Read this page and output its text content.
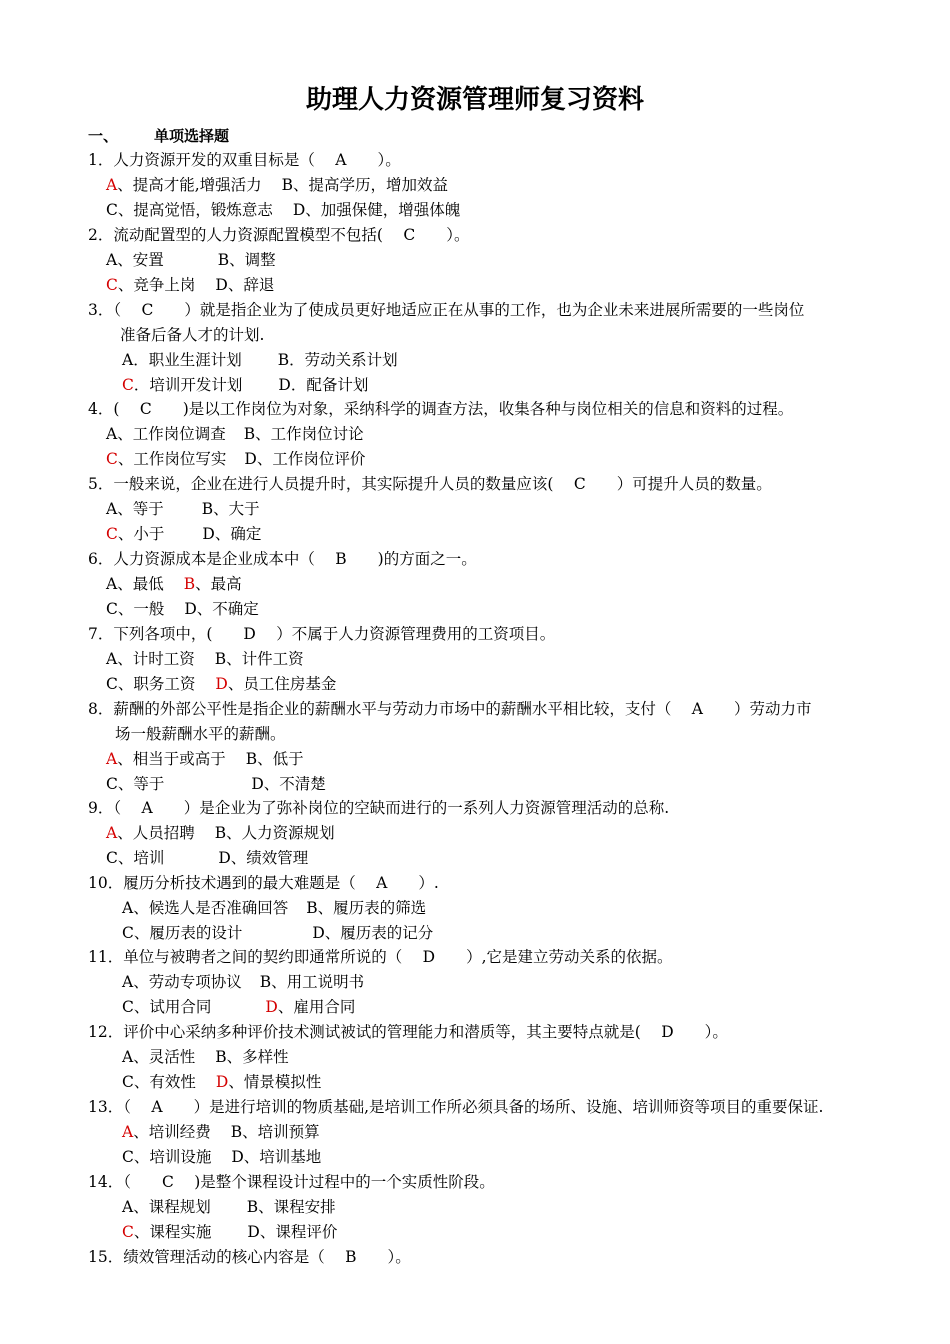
助理人力资源管理师复习资料
一、 单项选择题
1．人力资源开发的双重目标是（　 A　　）。
A、提高才能,增强活力 B、提高学历，增加效益
C、提高觉悟，锻炼意志 D、加强保健，增强体魄
2．流动配置型的人力资源配置模型不包括(　 C　　）。
A、安置	B、调整
C、竞争上岗 D、辞退
3．（　 C　　）就是指企业为了使成员更好地适应正在从事的工作，也为企业未来进展所需要的一些岗位
准备后备人才的计划.
A．职业生涯计划 B．劳动关系计划
C．培训开发计划 D．配备计划
4．(　 C　　)是以工作岗位为对象，采纳科学的调查方法，收集各种与岗位相关的信息和资料的过程。
A、工作岗位调查 B、工作岗位讨论
C、工作岗位写实 D、工作岗位评价
5．一般来说，企业在进行人员提升时，其实际提升人员的数量应该(　 C　　）可提升人员的数量。
A、等于 B、大于
C、小于 D、确定
6．人力资源成本是企业成本中（　 B　　)的方面之一。
A、最低 B、最高
C、一般 D、不确定
7．下列各项中，(　　D　 ）不属于人力资源管理费用的工资项目。
A、计时工资 B、计件工资
C、职务工资 D、员工住房基金
8．薪酬的外部公平性是指企业的薪酬水平与劳动力市场中的薪酬水平相比较，支付（　 A　　）劳动力市
场一般薪酬水平的薪酬。
A、相当于或高于 B、低于
C、等于	D、不清楚
9．（　 A　　）是企业为了弥补岗位的空缺而进行的一系列人力资源管理活动的总称.
A、人员招聘 B、人力资源规划
C、培训	D、绩效管理
10．履历分析技术遇到的最大难题是（　 A　　）.
A、候选人是否准确回答 B、履历表的筛选
C、履历表的设计	D、履历表的记分
11．单位与被聘者之间的契约即通常所说的（　 D　　）,它是建立劳动关系的依据。
A、劳动专项协议 B、用工说明书
C、试用合同	D、雇用合同
12．评价中心采纳多种评价技术测试被试的管理能力和潜质等，其主要特点就是(　 D　　）。
A、灵活性 B、多样性
C、有效性 D、情景模拟性
13．（　 A　　）是进行培训的物质基础,是培训工作所必须具备的场所、设施、培训师资等项目的重要保证.
A、培训经费 B、培训预算
C、培训设施 D、培训基地
14．（　　C　 )是整个课程设计过程中的一个实质性阶段。
A、课程规划 B、课程安排
C、课程实施 D、课程评价
15．绩效管理活动的核心内容是（　 B　　）。
